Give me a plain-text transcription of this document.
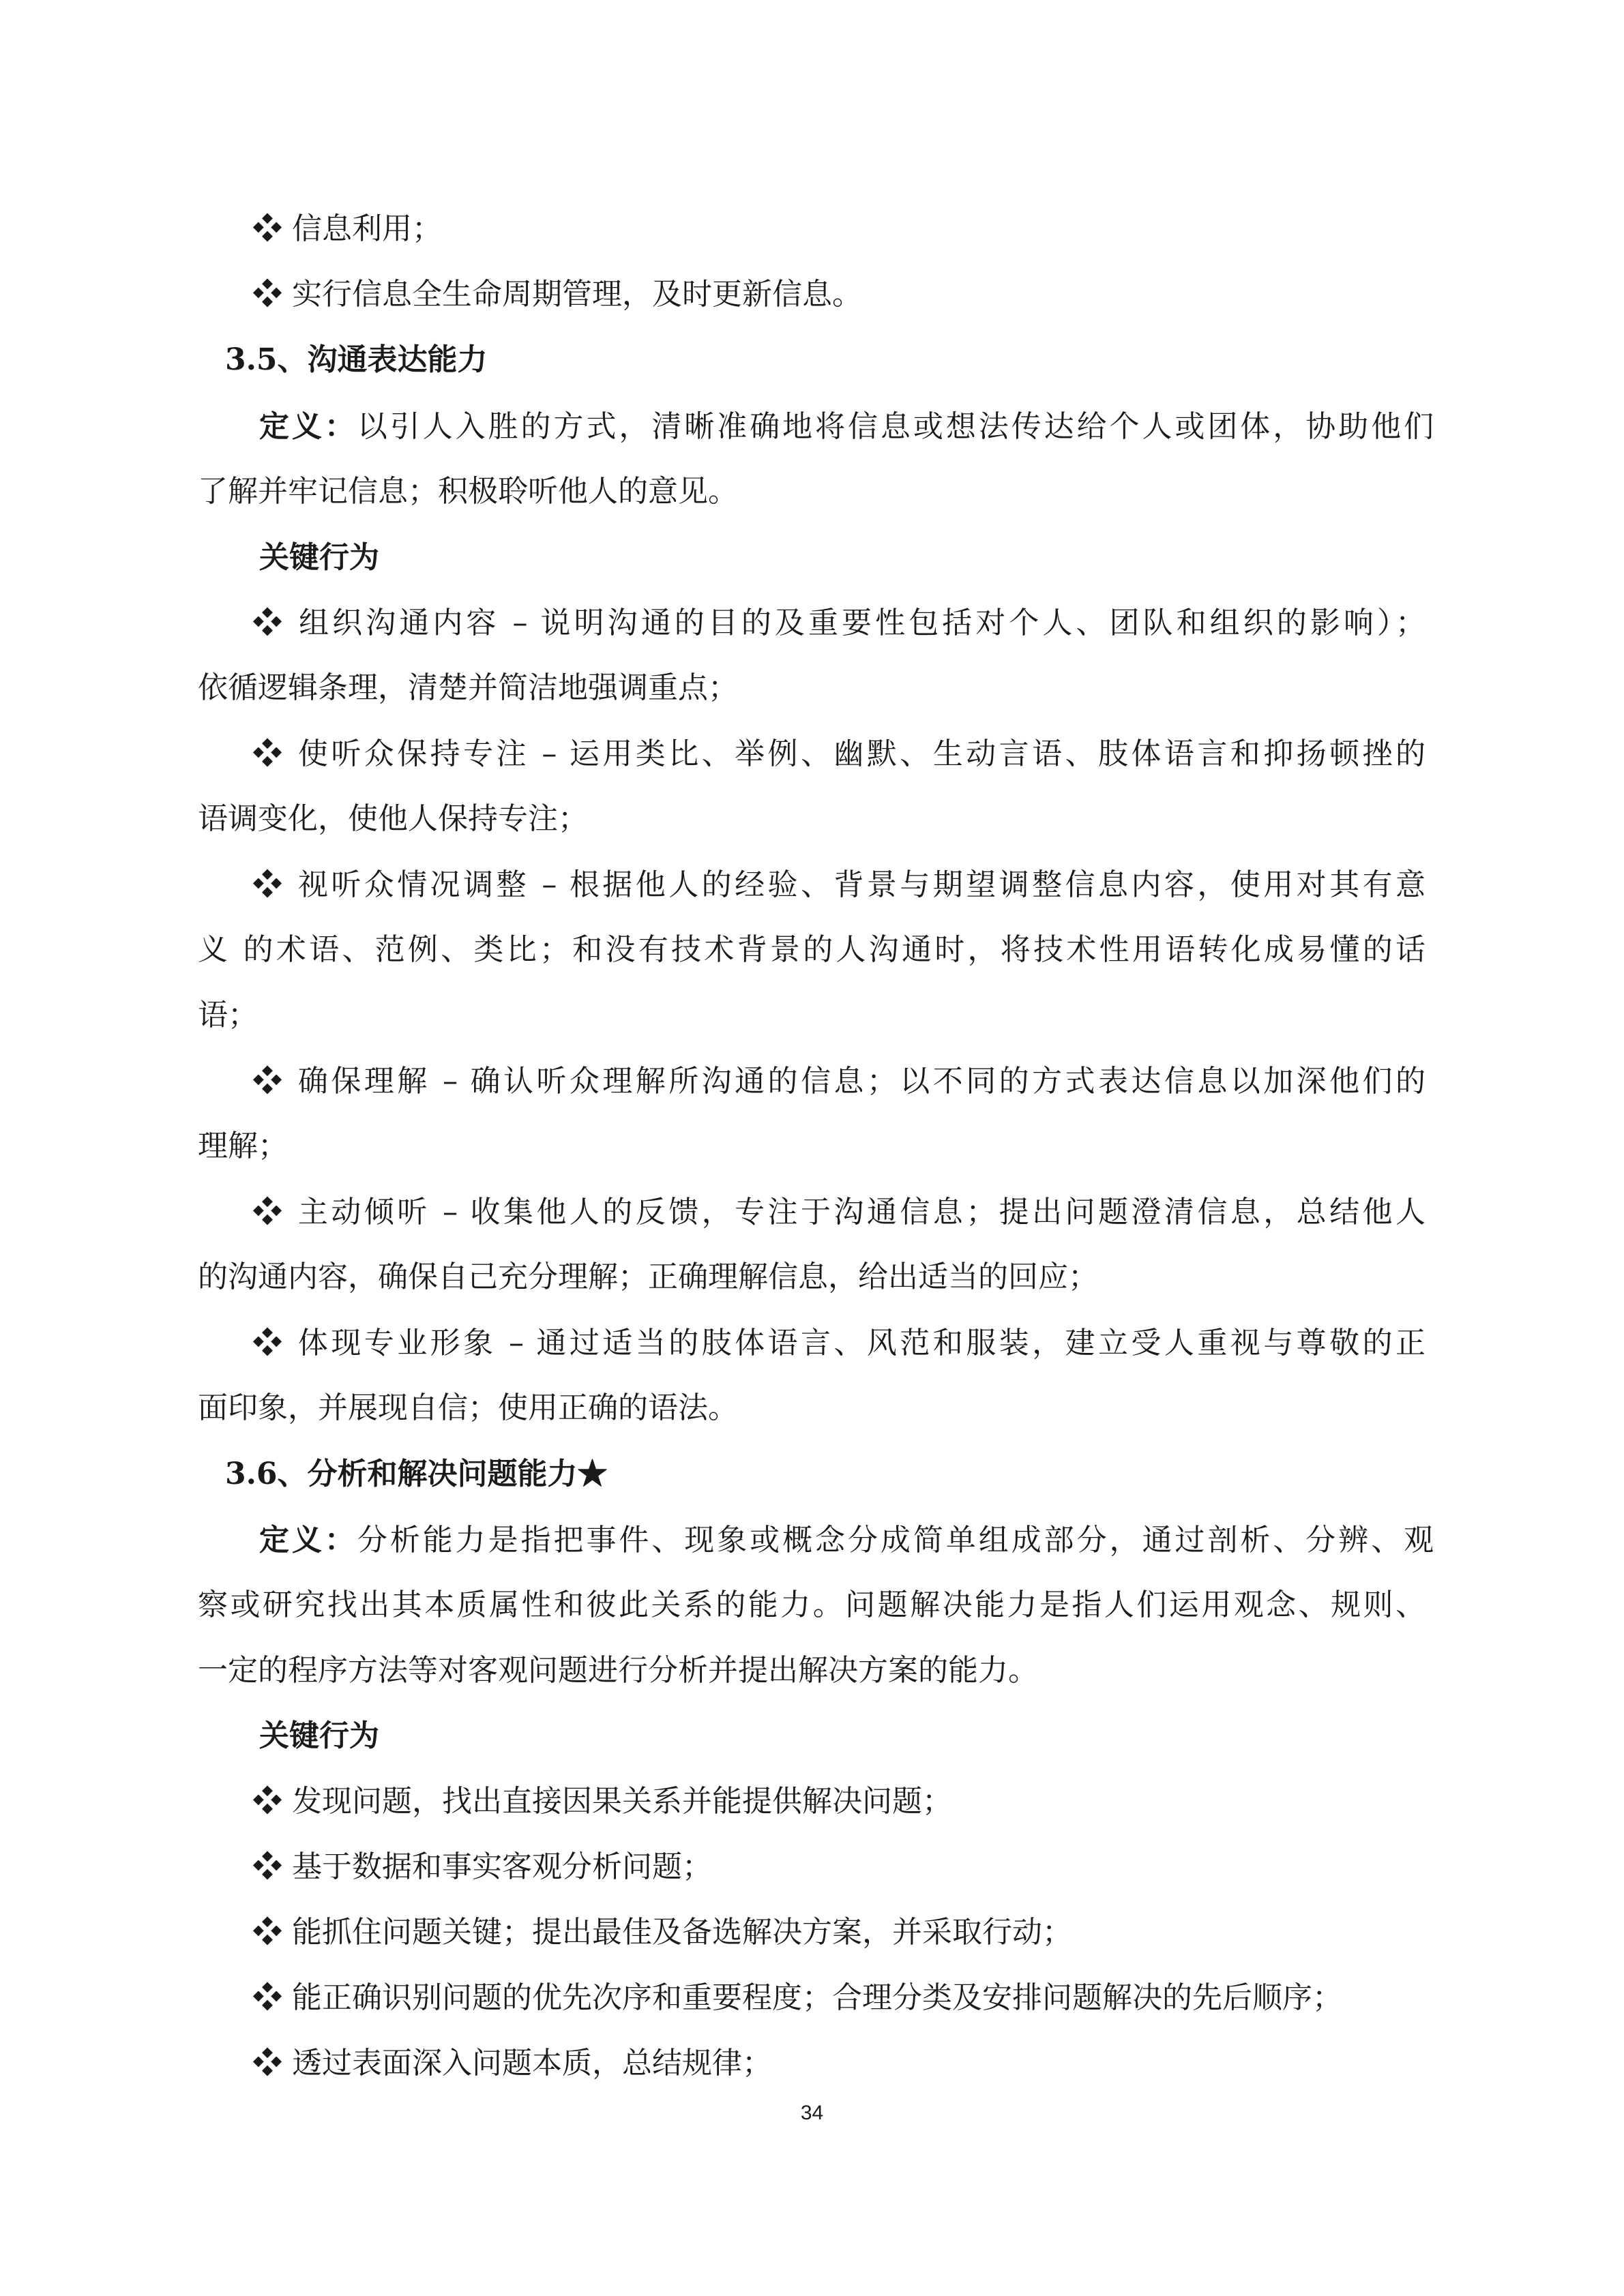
❖ 信息利用；
❖ 实行信息全生命周期管理，及时更新信息。
3.5、沟通表达能力
定义：以引人入胜的方式，清晰准确地将信息或想法传达给个人或团体，协助他们
了解并牢记信息；积极聆听他人的意见。
关键行为
❖ 组织沟通内容 – 说明沟通的目的及重要性包括对个人、团队和组织的影响）；
依循逻辑条理，清楚并简洁地强调重点；
❖ 使听众保持专注 – 运用类比、举例、幽默、生动言语、肢体语言和抑扬顿挫的
语调变化，使他人保持专注；
❖ 视听众情况调整 – 根据他人的经验、背景与期望调整信息内容，使用对其有意
义 的术语、范例、类比；和没有技术背景的人沟通时，将技术性用语转化成易懂的话
语；
❖ 确保理解 – 确认听众理解所沟通的信息；以不同的方式表达信息以加深他们的
理解；
❖ 主动倾听 – 收集他人的反馈，专注于沟通信息；提出问题澄清信息，总结他人
的沟通内容，确保自己充分理解；正确理解信息，给出适当的回应；
❖ 体现专业形象 – 通过适当的肢体语言、风范和服装，建立受人重视与尊敬的正
面印象，并展现自信；使用正确的语法。
3.6、分析和解决问题能力★
定义：分析能力是指把事件、现象或概念分成简单组成部分，通过剖析、分辨、观
察或研究找出其本质属性和彼此关系的能力。问题解决能力是指人们运用观念、规则、
一定的程序方法等对客观问题进行分析并提出解决方案的能力。
关键行为
❖ 发现问题，找出直接因果关系并能提供解决问题；
❖ 基于数据和事实客观分析问题；
❖ 能抓住问题关键；提出最佳及备选解决方案，并采取行动；
❖ 能正确识别问题的优先次序和重要程度；合理分类及安排问题解决的先后顺序；
❖ 透过表面深入问题本质，总结规律；
34
